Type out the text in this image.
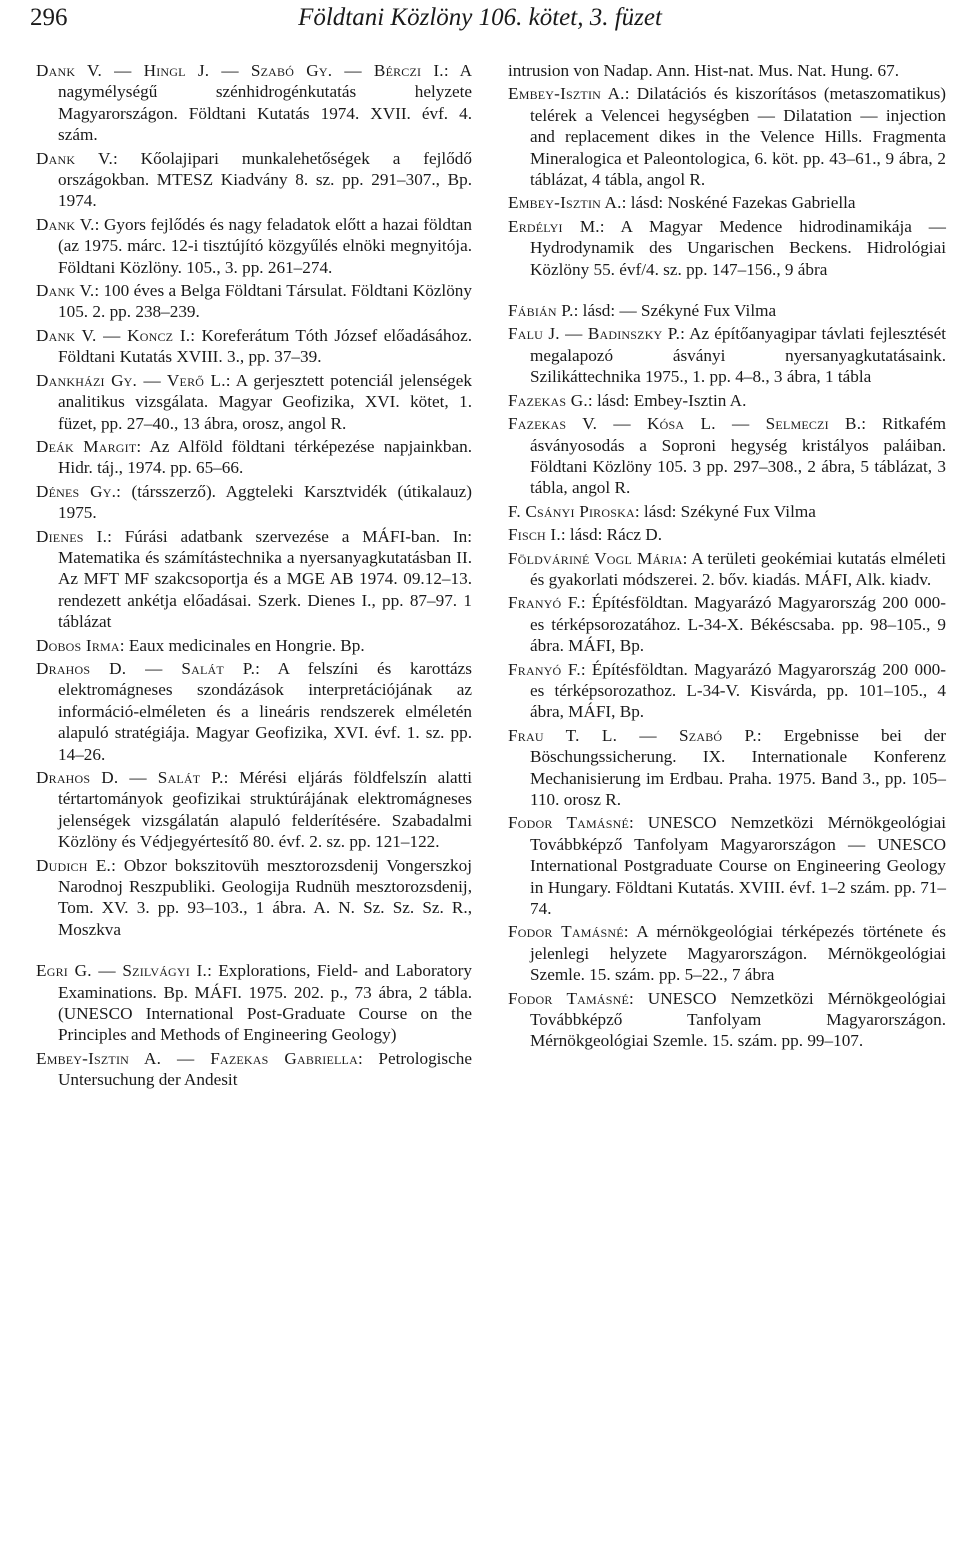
296	Földtani Közlöny 106. kötet, 3. füzet

Dank V. — Hingl J. — Szabó Gy. — Bérczi I.: A nagymélységű szénhidrogénkutatás helyzete Magyarországon. Földtani Kutatás 1974. XVII. évf. 4. szám.

Dank V.: Kőolajipari munkalehetőségek a fejlődő országokban. MTESZ Kiadvány 8. sz. pp. 291–307., Bp. 1974.

Dank V.: Gyors fejlődés és nagy feladatok előtt a hazai földtan (az 1975. márc. 12-i tisztújító közgyűlés elnöki megnyitója. Földtani Közlöny. 105., 3. pp. 261–274.

Dank V.: 100 éves a Belga Földtani Társulat. Földtani Közlöny 105. 2. pp. 238–239.

Dank V. — Koncz I.: Koreferátum Tóth József előadásához. Földtani Kutatás XVIII. 3., pp. 37–39.

Dankházi Gy. — Verő L.: A gerjesztett potenciál jelenségek analitikus vizsgálata. Magyar Geofizika, XVI. kötet, 1. füzet, pp. 27–40., 13 ábra, orosz, angol R.

Deák Margit: Az Alföld földtani térképezése napjainkban. Hidr. táj., 1974. pp. 65–66.

Dénes Gy.: (társszerző). Aggteleki Karsztvidék (útikalauz) 1975.

Dienes I.: Fúrási adatbank szervezése a MÁFI-ban. In: Matematika és számítástechnika a nyersanyagkutatásban II. Az MFT MF szakcsoportja és a MGE AB 1974. 09.12–13. rendezett ankétja előadásai. Szerk. Dienes I., pp. 87–97. 1 táblázat

Dobos Irma: Eaux medicinales en Hongrie. Bp.

Drahos D. — Salát P.: A felszíni és karottázs elektromágneses szondázások interpretációjának az információ-elméleten és a lineáris rendszerek elméletén alapuló stratégiája. Magyar Geofizika, XVI. évf. 1. sz. pp. 14–26.

Drahos D. — Salát P.: Mérési eljárás földfelszín alatti tértartományok geofizikai struktúrájának elektromágneses jelenségek vizsgálatán alapuló felderítésére. Szabadalmi Közlöny és Védjegyértesítő 80. évf. 2. sz. pp. 121–122.

Dudich E.: Obzor bokszitovüh mesztorozsdenij Vongerszkoj Narodnoj Reszpubliki. Geologija Rudnüh mesztorozsdenij, Tom. XV. 3. pp. 93–103., 1 ábra. A. N. Sz. Sz. Sz. R., Moszkva

Egri G. — Szilvágyi I.: Explorations, Field- and Laboratory Examinations. Bp. MÁFI. 1975. 202. p., 73 ábra, 2 tábla. (UNESCO International Post-Graduate Course on the Principles and Methods of Engineering Geology)

Embey-Isztin A. — Fazekas Gabriella: Petrologische Untersuchung der Andesit

intrusion von Nadap. Ann. Hist-nat. Mus. Nat. Hung. 67.

Embey-Isztin A.: Dilatációs és kiszorításos (metaszomatikus) telérek a Velencei hegységben — Dilatation — injection and replacement dikes in the Velence Hills. Fragmenta Mineralogica et Paleontologica, 6. köt. pp. 43–61., 9 ábra, 2 táblázat, 4 tábla, angol R.

Embey-Isztin A.: lásd: Noskéné Fazekas Gabriella

Erdélyi M.: A Magyar Medence hidrodinamikája — Hydrodynamik des Ungarischen Beckens. Hidrológiai Közlöny 55. évf/4. sz. pp. 147–156., 9 ábra

Fábián P.: lásd: — Székyné Fux Vilma

Falu J. — Badinszky P.: Az építőanyagipar távlati fejlesztését megalapozó ásványi nyersanyagkutatásaink. Szilikáttechnika 1975., 1. pp. 4–8., 3 ábra, 1 tábla

Fazekas G.: lásd: Embey-Isztin A.

Fazekas V. — Kósa L. — Selmeczi B.: Ritkafém ásványosodás a Soproni hegység kristályos paláiban. Földtani Közlöny 105. 3 pp. 297–308., 2 ábra, 5 táblázat, 3 tábla, angol R.

F. Csányi Piroska: lásd: Székyné Fux Vilma

Fisch I.: lásd: Rácz D.

Földváriné Vogl Mária: A területi geokémiai kutatás elméleti és gyakorlati módszerei. 2. bőv. kiadás. MÁFI, Alk. kiadv.

Franyó F.: Építésföldtan. Magyarázó Magyarország 200 000-es térképsorozatához. L-34-X. Békéscsaba. pp. 98–105., 9 ábra. MÁFI, Bp.

Franyó F.: Építésföldtan. Magyarázó Magyarország 200 000-es térképsorozathoz. L-34-V. Kisvárda, pp. 101–105., 4 ábra, MÁFI, Bp.

Frau T. L. — Szabó P.: Ergebnisse bei der Böschungssicherung. IX. Internationale Konferenz Mechanisierung im Erdbau. Praha. 1975. Band 3., pp. 105–110. orosz R.

Fodor Tamásné: UNESCO Nemzetközi Mérnökgeológiai Továbbképző Tanfolyam Magyarországon — UNESCO International Postgraduate Course on Engineering Geology in Hungary. Földtani Kutatás. XVIII. évf. 1–2 szám. pp. 71–74.

Fodor Tamásné: A mérnökgeológiai térképezés története és jelenlegi helyzete Magyarországon. Mérnökgeológiai Szemle. 15. szám. pp. 5–22., 7 ábra

Fodor Tamásné: UNESCO Nemzetközi Mérnökgeológiai Továbbképző Tanfolyam Magyarországon. Mérnökgeológiai Szemle. 15. szám. pp. 99–107.
